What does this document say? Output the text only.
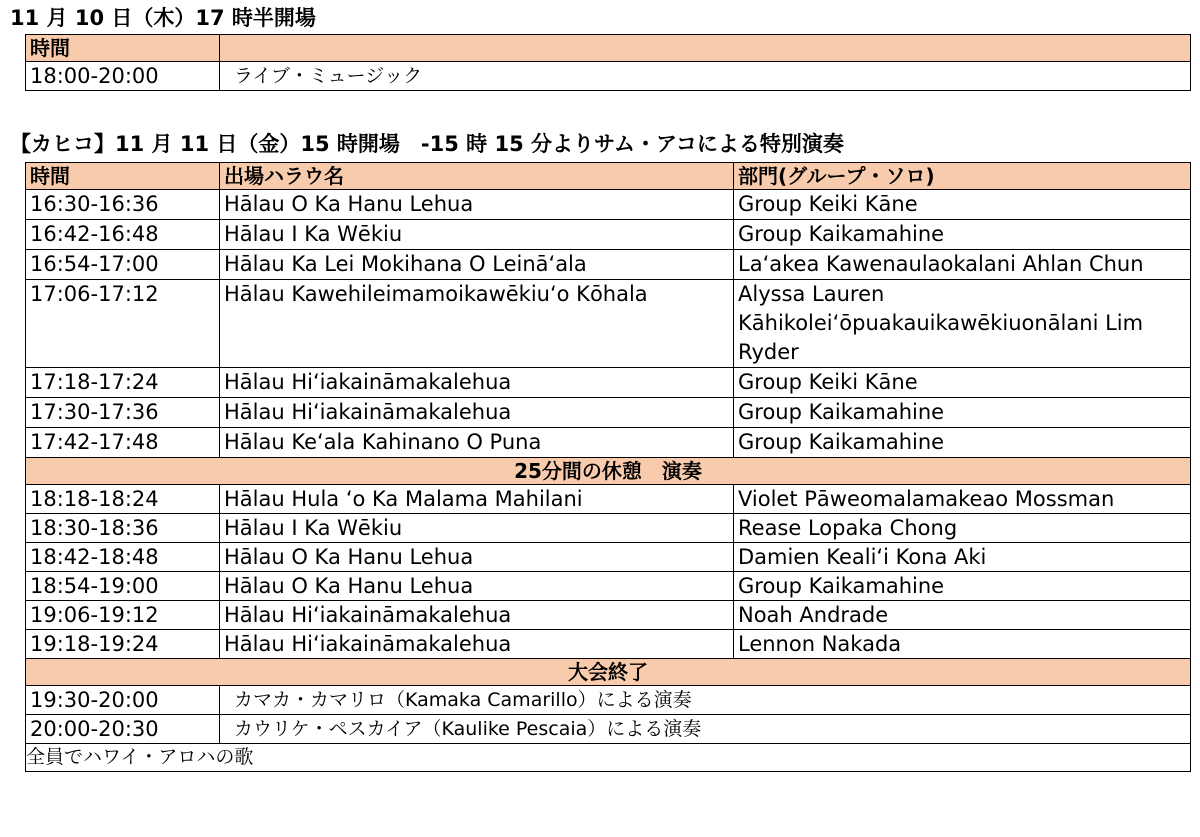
11 月 10 日（木）17 時半開場
時間	
18:00-20:00	ライブ・ミュージック
【カヒコ】11 月 11 日（金）15 時開場　-15 時 15 分よりサム・アコによる特別演奏
時間	出場ハラウ名	部門(グループ・ソロ)
16:30-16:36	Hālau O Ka Hanu Lehua	Group Keiki Kāne
16:42-16:48	Hālau I Ka Wēkiu	Group Kaikamahine
16:54-17:00	Hālau Ka Lei Mokihana O Leināʻala	Laʻakea Kawenaulaokalani Ahlan Chun
17:06-17:12	Hālau Kawehileimamoikawēkiuʻo Kōhala	Alyssa Lauren Kāhikoleiʻōpuakauikawēkiuonālani Lim Ryder
17:18-17:24	Hālau Hiʻiakaināmakalehua	Group Keiki Kāne
17:30-17:36	Hālau Hiʻiakaināmakalehua	Group Kaikamahine
17:42-17:48	Hālau Keʻala Kahinano O Puna	Group Kaikamahine
25分間の休憩　演奏		
18:18-18:24	Hālau Hula ʻo Ka Malama Mahilani	Violet Pāweomalamakeao Mossman
18:30-18:36	Hālau I Ka Wēkiu	Rease Lopaka Chong
18:42-18:48	Hālau O Ka Hanu Lehua	Damien Kealiʻi Kona Aki
18:54-19:00	Hālau O Ka Hanu Lehua	Group Kaikamahine
19:06-19:12	Hālau Hiʻiakaināmakalehua	Noah Andrade
19:18-19:24	Hālau Hiʻiakaināmakalehua	Lennon Nakada
大会終了		
19:30-20:00	カマカ・カマリロ（Kamaka Camarillo）による演奏	
20:00-20:30	カウリケ・ペスカイア（Kaulike Pescaia）による演奏	
全員でハワイ・アロハの歌		
